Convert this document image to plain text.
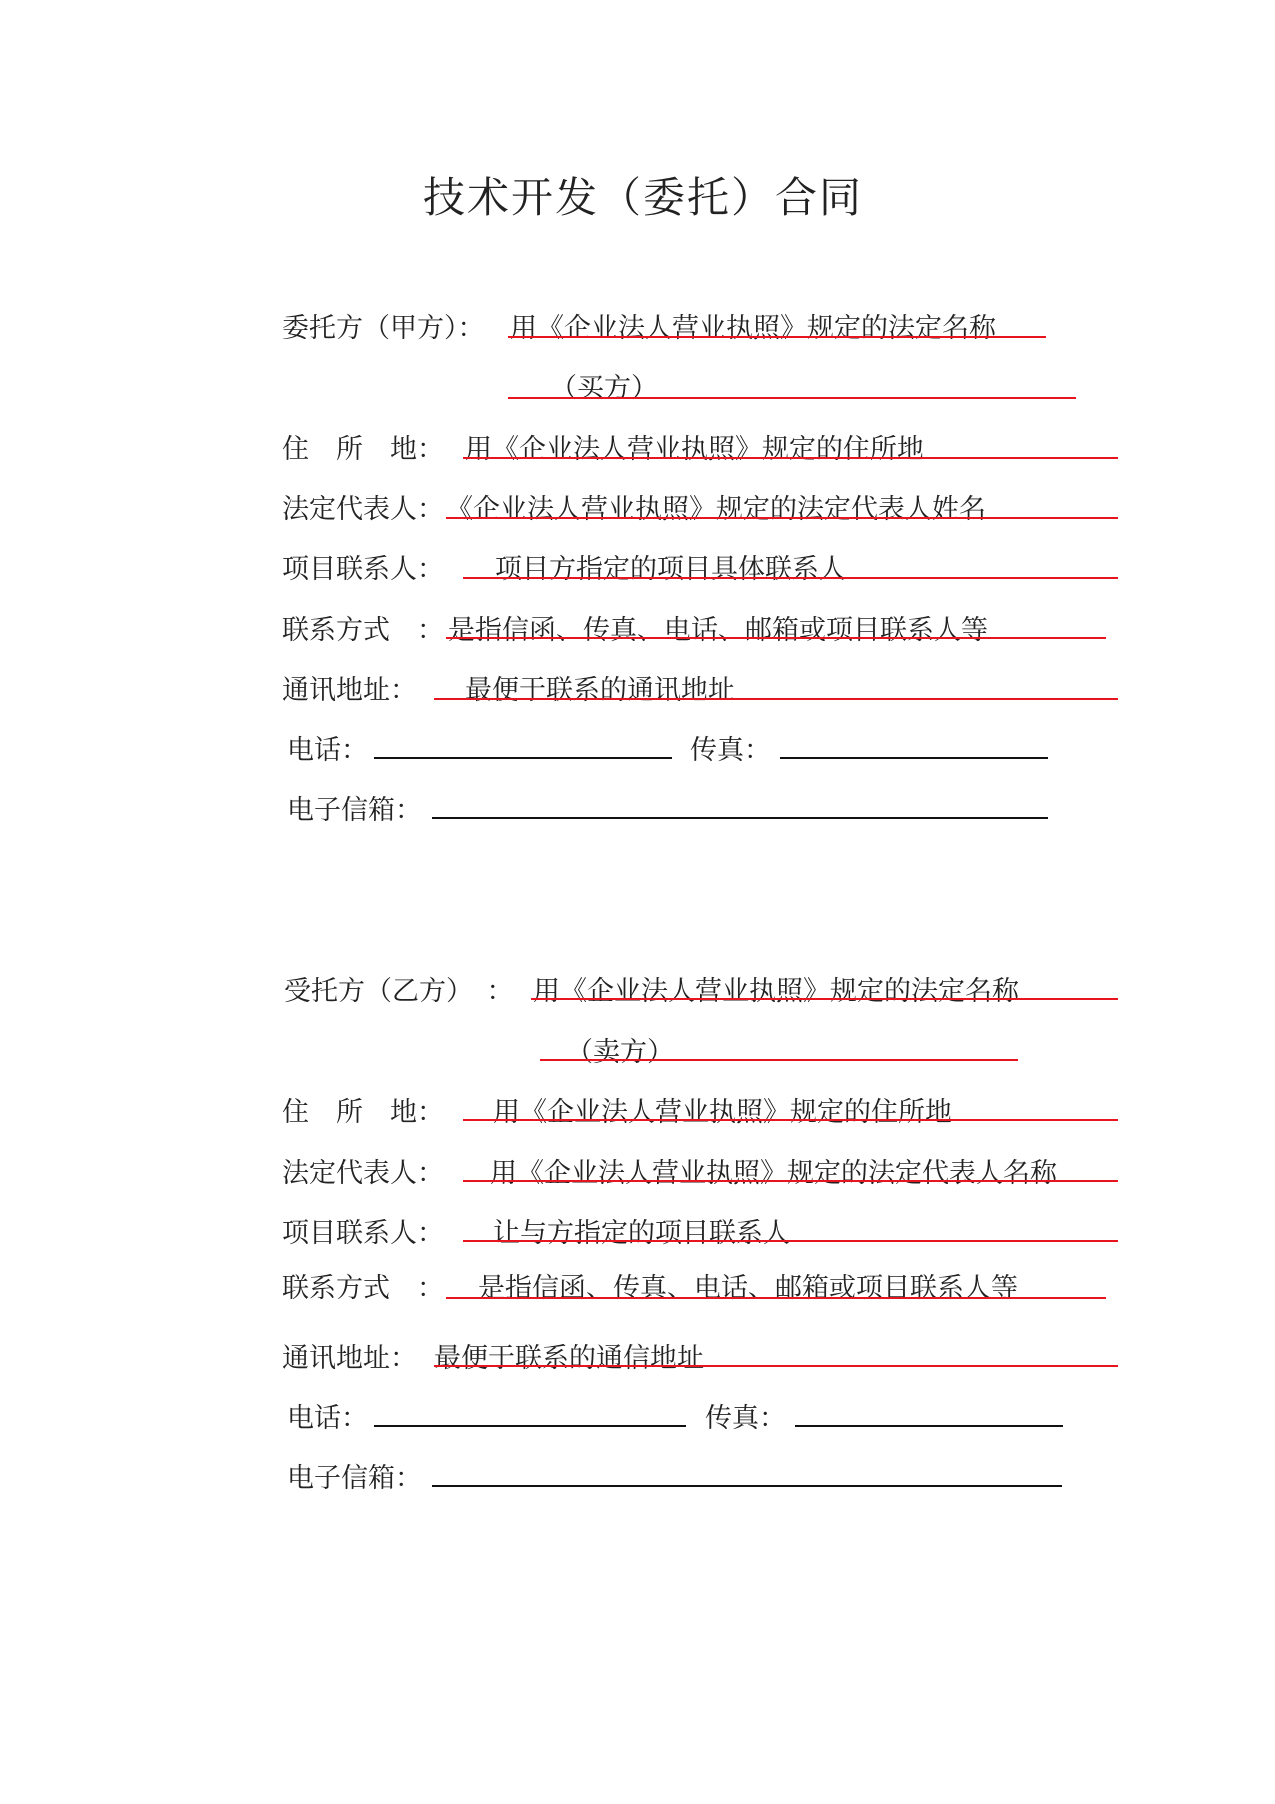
技术开发（委托）合同
委托方（甲方）： 用《企业法人营业执照》规定的法定名称
（买方）
住　所　地： 用《企业法人营业执照》规定的住所地
法定代表人： 《企业法人营业执照》规定的法定代表人姓名
项目联系人： 项目方指定的项目具体联系人
联系方式　： 是指信函、传真、电话、邮箱或项目联系人等
通讯地址： 最便于联系的通讯地址
电话：	传真：
电子信箱：
受托方（乙方）　： 用《企业法人营业执照》规定的法定名称
（卖方）
住　所　地： 用《企业法人营业执照》规定的住所地
法定代表人： 用《企业法人营业执照》规定的法定代表人名称
项目联系人： 让与方指定的项目联系人
联系方式　： 是指信函、传真、电话、邮箱或项目联系人等
通讯地址： 最便于联系的通信地址
电话：	传真：
电子信箱：
